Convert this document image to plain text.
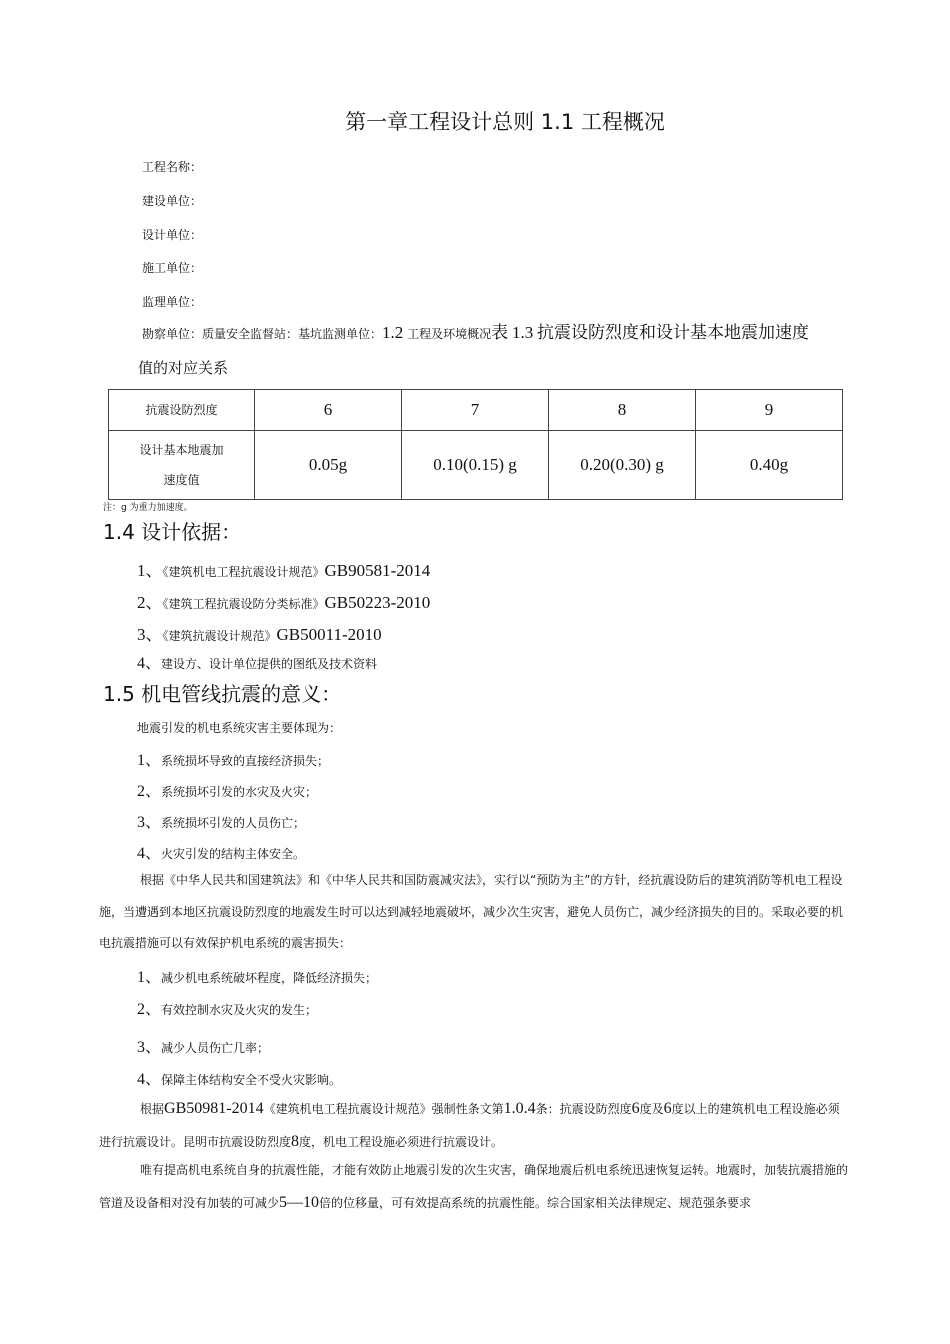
第一章工程设计总则 1.1 工程概况
工程名称：
建设单位：
设计单位：
施工单位：
监理单位：
勘察单位：质量安全监督站：基坑监测单位：1.2 工程及环境概况表 1.3 抗震设防烈度和设计基本地震加速度
值的对应关系
抗震设防烈度	6	7	8	9

设计基本地震加
速度值	0.05g	0.10(0.15) g	0.20(0.30) g	0.40g
注：g 为重力加速度。
1.4 设计依据：
1、《建筑机电工程抗震设计规范》GB90581-2014
2、《建筑工程抗震设防分类标准》GB50223-2010
3、《建筑抗震设计规范》GB50011-2010
4、建设方、设计单位提供的图纸及技术资料
1.5 机电管线抗震的意义：
地震引发的机电系统灾害主要体现为：
1、系统损坏导致的直接经济损失；
2、系统损坏引发的水灾及火灾；
3、系统损坏引发的人员伤亡；
4、火灾引发的结构主体安全。
根据《中华人民共和国建筑法》和《中华人民共和国防震减灾法》，实行以“预防为主”的方针，经抗震设防后的建筑消防等机电工程设施，当遭遇到本地区抗震设防烈度的地震发生时可以达到减轻地震破坏，减少次生灾害，避免人员伤亡，减少经济损失的目的。采取必要的机电抗震措施可以有效保护机电系统的震害损失：
1、减少机电系统破坏程度，降低经济损失；
2、有效控制水灾及火灾的发生；
3、减少人员伤亡几率；
4、保障主体结构安全不受火灾影响。
根据GB50981-2014《建筑机电工程抗震设计规范》强制性条文第1.0.4条：抗震设防烈度6度及6度以上的建筑机电工程设施必须进行抗震设计。昆明市抗震设防烈度8度，机电工程设施必须进行抗震设计。
唯有提高机电系统自身的抗震性能，才能有效防止地震引发的次生灾害，确保地震后机电系统迅速恢复运转。地震时，加装抗震措施的管道及设备相对没有加装的可减少5—10倍的位移量，可有效提高系统的抗震性能。综合国家相关法律规定、规范强条要求
